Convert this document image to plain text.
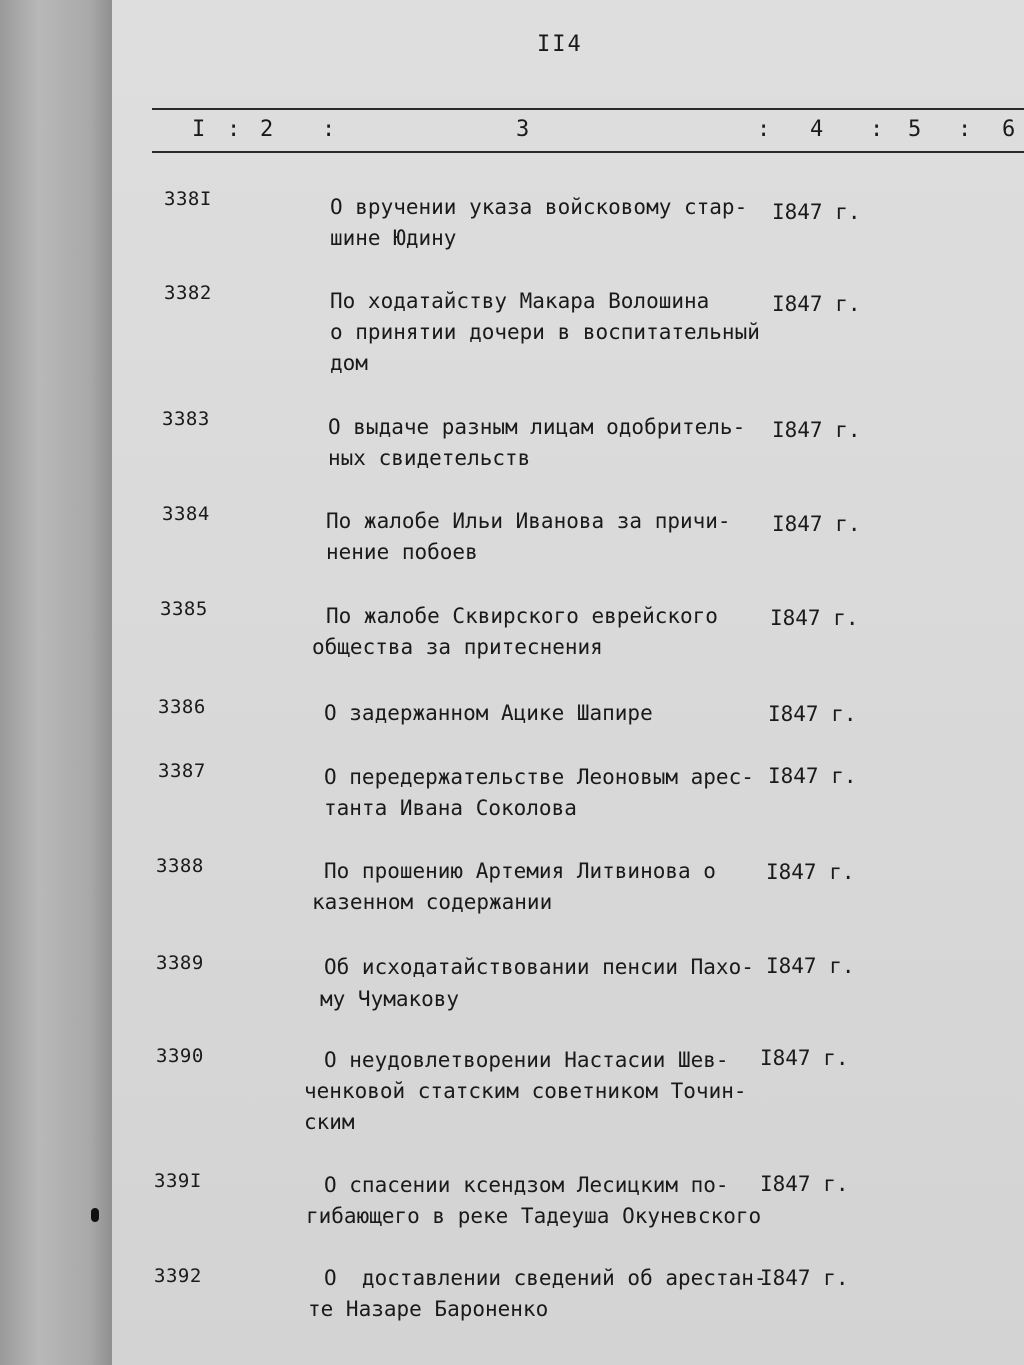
II4
I : 2 :	3	: 4 : 5 : 6
338I	О вручении указа войсковому стар-
шине Юдину
I847 г.
3382	По ходатайству Макара Волошина
о принятии дочери в воспитательный
дом
I847 г.
3383	О выдаче разным лицам одобритель-
ных свидетельств
I847 г.
3384	По жалобе Ильи Иванова за причи-
нение побоев
I847 г.
3385	По жалобе Сквирского еврейского
общества за притеснения
I847 г.
3386	О задержанном Ацике Шапире	I847 г.
3387	О передержательстве Леоновым арес-
танта Ивана Соколова
I847 г.
3388	По прошению Артемия Литвинова о
казенном содержании
I847 г.
3389	Об исходатайствовании пенсии Пахо-
му Чумакову
I847 г.
3390	О неудовлетворении Настасии Шев-
ченковой статским советником Точин-
ским
I847 г.
339I	О спасении ксендзом Лесицким по-
гибающего в реке Тадеуша Окуневского
I847 г.
3392	О  доставлении сведений об арестан-
те Назаре Бароненко
I847 г.
